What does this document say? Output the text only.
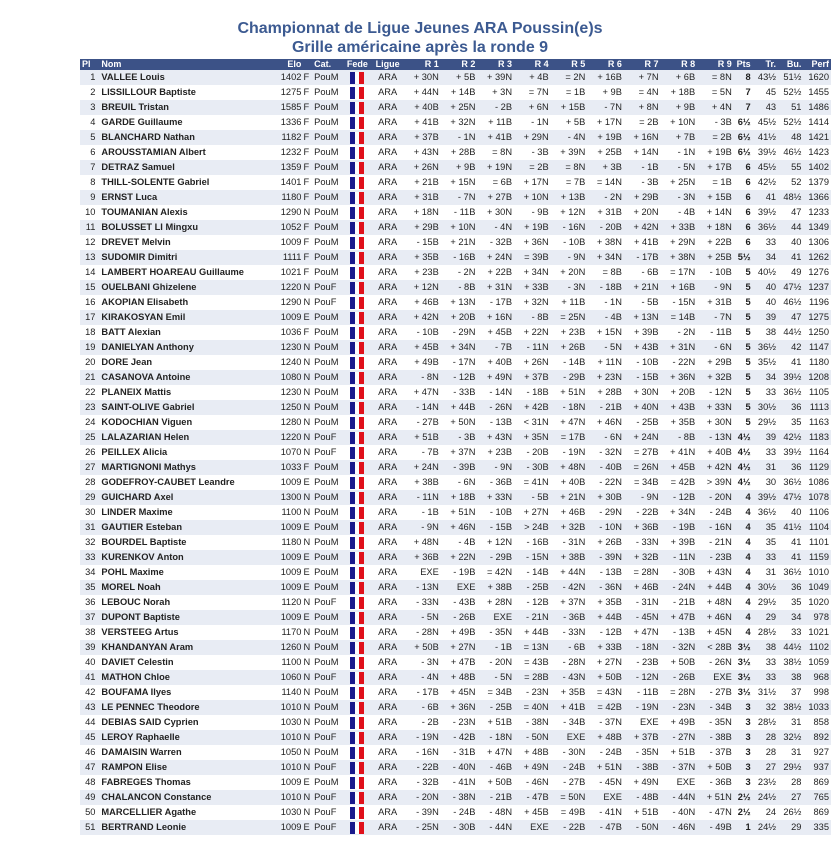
Championnat de Ligue Jeunes ARA Poussin(e)s
Grille américaine après la ronde 9
Pl	Nom	Elo		Cat.	Fede	Ligue	R 1	R 2	R 3	R 4	R 5	R 6	R 7	R 8	R 9	Pts	Tr.	Bu.	Perf
1	VALLEE Louis	1402	F	PouM		ARA	+ 30N	+ 5B	+ 39N	+ 4B	= 2N	+ 16B	+ 7N	+ 6B	= 8N	8	43½	51½	1620
2	LISSILLOUR Baptiste	1275	F	PouM		ARA	+ 44N	+ 14B	+ 3N	= 7N	= 1B	+ 9B	= 4N	+ 18B	= 5N	7	45	52½	1455
3	BREUIL Tristan	1585	F	PouM		ARA	+ 40B	+ 25N	- 2B	+ 6N	+ 15B	- 7N	+ 8N	+ 9B	+ 4N	7	43	51	1486
4	GARDE Guillaume	1336	F	PouM		ARA	+ 41B	+ 32N	+ 11B	- 1N	+ 5B	+ 17N	= 2B	+ 10N	- 3B	6½	45½	52½	1414
5	BLANCHARD Nathan	1182	F	PouM		ARA	+ 37B	- 1N	+ 41B	+ 29N	- 4N	+ 19B	+ 16N	+ 7B	= 2B	6½	41½	48	1421
6	AROUSSTAMIAN Albert	1232	F	PouM		ARA	+ 43N	+ 28B	= 8N	- 3B	+ 39N	+ 25B	+ 14N	- 1N	+ 19B	6½	39½	46½	1423
7	DETRAZ Samuel	1359	F	PouM		ARA	+ 26N	+ 9B	+ 19N	= 2B	= 8N	+ 3B	- 1B	- 5N	+ 17B	6	45½	55	1402
8	THILL-SOLENTE Gabriel	1401	F	PouM		ARA	+ 21B	+ 15N	= 6B	+ 17N	= 7B	= 14N	- 3B	+ 25N	= 1B	6	42½	52	1379
9	ERNST Luca	1180	F	PouM		ARA	+ 31B	- 7N	+ 27B	+ 10N	+ 13B	- 2N	+ 29B	- 3N	+ 15B	6	41	48½	1366
10	TOUMANIAN Alexis	1290	N	PouM		ARA	+ 18N	- 11B	+ 30N	- 9B	+ 12N	+ 31B	+ 20N	- 4B	+ 14N	6	39½	47	1233
11	BOLUSSET LI Mingxu	1052	F	PouM		ARA	+ 29B	+ 10N	- 4N	+ 19B	- 16N	- 20B	+ 42N	+ 33B	+ 18N	6	36½	44	1349
12	DREVET Melvin	1009	F	PouM		ARA	- 15B	+ 21N	- 32B	+ 36N	- 10B	+ 38N	+ 41B	+ 29N	+ 22B	6	33	40	1306
13	SUDOMIR Dimitri	1111	F	PouM		ARA	+ 35B	- 16B	+ 24N	= 39B	- 9N	+ 34N	- 17B	+ 38N	+ 25B	5½	34	41	1262
14	LAMBERT HOAREAU Guillaume	1021	F	PouM		ARA	+ 23B	- 2N	+ 22B	+ 34N	+ 20N	= 8B	- 6B	= 17N	- 10B	5	40½	49	1276
15	OUELBANI Ghizelene	1220	N	PouF		ARA	+ 12N	- 8B	+ 31N	+ 33B	- 3N	- 18B	+ 21N	+ 16B	- 9N	5	40	47½	1237
16	AKOPIAN Elisabeth	1290	N	PouF		ARA	+ 46B	+ 13N	- 17B	+ 32N	+ 11B	- 1N	- 5B	- 15N	+ 31B	5	40	46½	1196
17	KIRAKOSYAN Emil	1009	E	PouM		ARA	+ 42N	+ 20B	+ 16N	- 8B	= 25N	- 4B	+ 13N	= 14B	- 7N	5	39	47	1275
18	BATT Alexian	1036	F	PouM		ARA	- 10B	- 29N	+ 45B	+ 22N	+ 23B	+ 15N	+ 39B	- 2N	- 11B	5	38	44½	1250
19	DANIELYAN Anthony	1230	N	PouM		ARA	+ 45B	+ 34N	- 7B	- 11N	+ 26B	- 5N	+ 43B	+ 31N	- 6N	5	36½	42	1147
20	DORE Jean	1240	N	PouM		ARA	+ 49B	- 17N	+ 40B	+ 26N	- 14B	+ 11N	- 10B	- 22N	+ 29B	5	35½	41	1180
21	CASANOVA Antoine	1080	N	PouM		ARA	- 8N	- 12B	+ 49N	+ 37B	- 29B	+ 23N	- 15B	+ 36N	+ 32B	5	34	39½	1208
22	PLANEIX Mattis	1230	N	PouM		ARA	+ 47N	- 33B	- 14N	- 18B	+ 51N	+ 28B	+ 30N	+ 20B	- 12N	5	33	36½	1105
23	SAINT-OLIVE Gabriel	1250	N	PouM		ARA	- 14N	+ 44B	- 26N	+ 42B	- 18N	- 21B	+ 40N	+ 43B	+ 33N	5	30½	36	1113
24	KODOCHIAN Viguen	1280	N	PouM		ARA	- 27B	+ 50N	- 13B	< 31N	+ 47N	+ 46N	- 25B	+ 35B	+ 30N	5	29½	35	1163
25	LALAZARIAN Helen	1220	N	PouF		ARA	+ 51B	- 3B	+ 43N	+ 35N	= 17B	- 6N	+ 24N	- 8B	- 13N	4½	39	42½	1183
26	PEILLEX Alicia	1070	N	PouF		ARA	- 7B	+ 37N	+ 23B	- 20B	- 19N	- 32N	= 27B	+ 41N	+ 40B	4½	33	39½	1164
27	MARTIGNONI Mathys	1033	F	PouM		ARA	+ 24N	- 39B	- 9N	- 30B	+ 48N	- 40B	= 26N	+ 45B	+ 42N	4½	31	36	1129
28	GODEFROY-CAUBET Leandre	1009	E	PouM		ARA	+ 38B	- 6N	- 36B	= 41N	+ 40B	- 22N	= 34B	= 42B	> 39N	4½	30	36½	1086
29	GUICHARD Axel	1300	N	PouM		ARA	- 11N	+ 18B	+ 33N	- 5B	+ 21N	+ 30B	- 9N	- 12B	- 20N	4	39½	47½	1078
30	LINDER Maxime	1100	N	PouM		ARA	- 1B	+ 51N	- 10B	+ 27N	+ 46B	- 29N	- 22B	+ 34N	- 24B	4	36½	40	1106
31	GAUTIER Esteban	1009	E	PouM		ARA	- 9N	+ 46N	- 15B	> 24B	+ 32B	- 10N	+ 36B	- 19B	- 16N	4	35	41½	1104
32	BOURDEL Baptiste	1180	N	PouM		ARA	+ 48N	- 4B	+ 12N	- 16B	- 31N	+ 26B	- 33N	+ 39B	- 21N	4	35	41	1101
33	KURENKOV Anton	1009	E	PouM		ARA	+ 36B	+ 22N	- 29B	- 15N	+ 38B	- 39N	+ 32B	- 11N	- 23B	4	33	41	1159
34	POHL Maxime	1009	E	PouM		ARA	EXE	- 19B	= 42N	- 14B	+ 44N	- 13B	= 28N	- 30B	+ 43N	4	31	36½	1010
35	MOREL Noah	1009	E	PouM		ARA	- 13N	EXE	+ 38B	- 25B	- 42N	- 36N	+ 46B	- 24N	+ 44B	4	30½	36	1049
36	LEBOUC Norah	1120	N	PouF		ARA	- 33N	- 43B	+ 28N	- 12B	+ 37N	+ 35B	- 31N	- 21B	+ 48N	4	29½	35	1020
37	DUPONT Baptiste	1009	E	PouM		ARA	- 5N	- 26B	EXE	- 21N	- 36B	+ 44B	- 45N	+ 47B	+ 46N	4	29	34	978
38	VERSTEEG Artus	1170	N	PouM		ARA	- 28N	+ 49B	- 35N	+ 44B	- 33N	- 12B	+ 47N	- 13B	+ 45N	4	28½	33	1021
39	KHANDANYAN Aram	1260	N	PouM		ARA	+ 50B	+ 27N	- 1B	= 13N	- 6B	+ 33B	- 18N	- 32N	< 28B	3½	38	44½	1102
40	DAVIET Celestin	1100	N	PouM		ARA	- 3N	+ 47B	- 20N	= 43B	- 28N	+ 27N	- 23B	+ 50B	- 26N	3½	33	38½	1059
41	MATHON Chloe	1060	N	PouF		ARA	- 4N	+ 48B	- 5N	= 28B	- 43N	+ 50B	- 12N	- 26B	EXE	3½	33	38	968
42	BOUFAMA Ilyes	1140	N	PouM		ARA	- 17B	+ 45N	= 34B	- 23N	+ 35B	= 43N	- 11B	= 28N	- 27B	3½	31½	37	998
43	LE PENNEC Theodore	1010	N	PouM		ARA	- 6B	+ 36N	- 25B	= 40N	+ 41B	= 42B	- 19N	- 23N	- 34B	3	32	38½	1033
44	DEBIAS SAID Cyprien	1030	N	PouM		ARA	- 2B	- 23N	+ 51B	- 38N	- 34B	- 37N	EXE	+ 49B	- 35N	3	28½	31	858
45	LEROY Raphaelle	1010	N	PouF		ARA	- 19N	- 42B	- 18N	- 50N	EXE	+ 48B	+ 37B	- 27N	- 38B	3	28	32½	892
46	DAMAISIN Warren	1050	N	PouM		ARA	- 16N	- 31B	+ 47N	+ 48B	- 30N	- 24B	- 35N	+ 51B	- 37B	3	28	31	927
47	RAMPON Elise	1010	N	PouF		ARA	- 22B	- 40N	- 46B	+ 49N	- 24B	+ 51N	- 38B	- 37N	+ 50B	3	27	29½	937
48	FABREGES Thomas	1009	E	PouM		ARA	- 32B	- 41N	+ 50B	- 46N	- 27B	- 45N	+ 49N	EXE	- 36B	3	23½	28	869
49	CHALANCON Constance	1010	N	PouF		ARA	- 20N	- 38N	- 21B	- 47B	= 50N	EXE	- 48B	- 44N	+ 51N	2½	24½	27	765
50	MARCELLIER Agathe	1030	N	PouF		ARA	- 39N	- 24B	- 48N	+ 45B	= 49B	- 41N	+ 51B	- 40N	- 47N	2½	24	26½	869
51	BERTRAND Leonie	1009	E	PouF		ARA	- 25N	- 30B	- 44N	EXE	- 22B	- 47B	- 50N	- 46N	- 49B	1	24½	29	335
